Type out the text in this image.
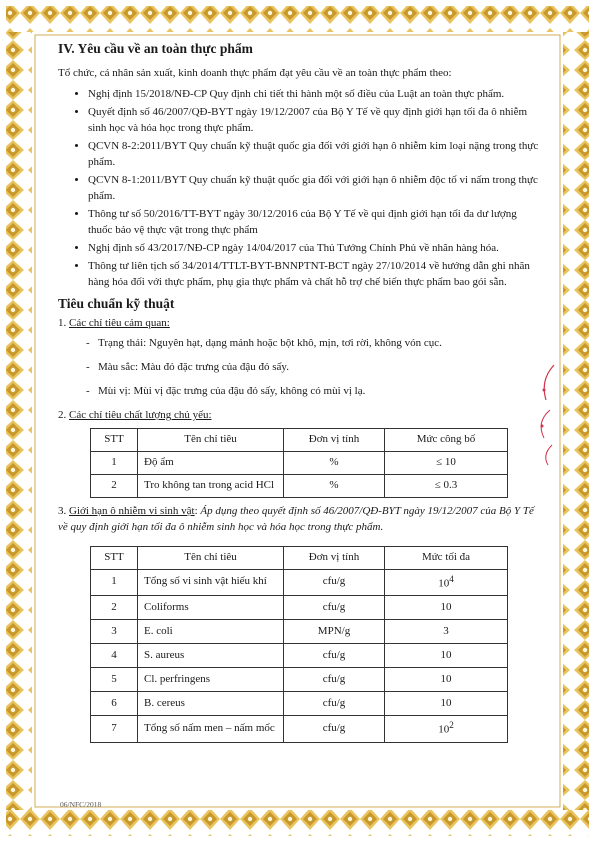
IV. Yêu cầu về an toàn thực phẩm

Tổ chức, cá nhân sản xuất, kinh doanh thực phẩm đạt yêu cầu về an toàn thực phẩm theo:

• Nghị định 15/2018/NĐ-CP Quy định chi tiết thi hành một số điều của Luật an toàn thực phẩm.
• Quyết định số 46/2007/QĐ-BYT ngày 19/12/2007 của Bộ Y Tế về quy định giới hạn tối đa ô nhiễm sinh học và hóa học trong thực phẩm.
• QCVN 8-2:2011/BYT Quy chuẩn kỹ thuật quốc gia đối với giới hạn ô nhiễm kim loại nặng trong thực phẩm.
• QCVN 8-1:2011/BYT Quy chuẩn kỹ thuật quốc gia đối với giới hạn ô nhiễm độc tố vi nấm trong thực phẩm.
• Thông tư số 50/2016/TT-BYT ngày 30/12/2016 của Bộ Y Tế về qui định giới hạn tối đa dư lượng thuốc bảo vệ thực vật trong thực phẩm
• Nghị định số 43/2017/NĐ-CP ngày 14/04/2017 của Thủ Tướng Chính Phủ về nhãn hàng hóa.
• Thông tư liên tịch số 34/2014/TTLT-BYT-BNNPTNT-BCT ngày 27/10/2014 về hướng dẫn ghi nhãn hàng hóa đối với thực phẩm, phụ gia thực phẩm và chất hỗ trợ chế biến thực phẩm bao gói sẵn.
Tiêu chuẩn kỹ thuật
1. Các chỉ tiêu cảm quan:
- Trạng thái: Nguyên hạt, dạng mảnh hoặc bột khô, mịn, tơi rời, không vón cục.
- Màu sắc: Màu đỏ đặc trưng của đậu đỏ sấy.
- Mùi vị: Mùi vị đặc trưng của đậu đỏ sấy, không có mùi vị lạ.
2. Các chỉ tiêu chất lượng chủ yếu:
STT	Tên chỉ tiêu	Đơn vị tính	Mức công bố
1	Độ ẩm	%	≤ 10
2	Tro không tan trong acid HCl	%	≤ 0.3
3. Giới hạn ô nhiễm vi sinh vật: Áp dụng theo quyết định số 46/2007/QĐ-BYT ngày 19/12/2007 của Bộ Y Tế về quy định giới hạn tối đa ô nhiễm sinh học và hóa học trong thực phẩm.
STT	Tên chỉ tiêu	Đơn vị tính	Mức tối đa
1	Tổng số vi sinh vật hiếu khí	cfu/g	$10^4$
2	Coliforms	cfu/g	10
3	E. coli	MPN/g	3
4	S. aureus	cfu/g	10
5	Cl. perfringens	cfu/g	10
6	B. cereus	cfu/g	10
7	Tổng số nấm men – nấm mốc	cfu/g	$10^2$
06/NFC/2018
